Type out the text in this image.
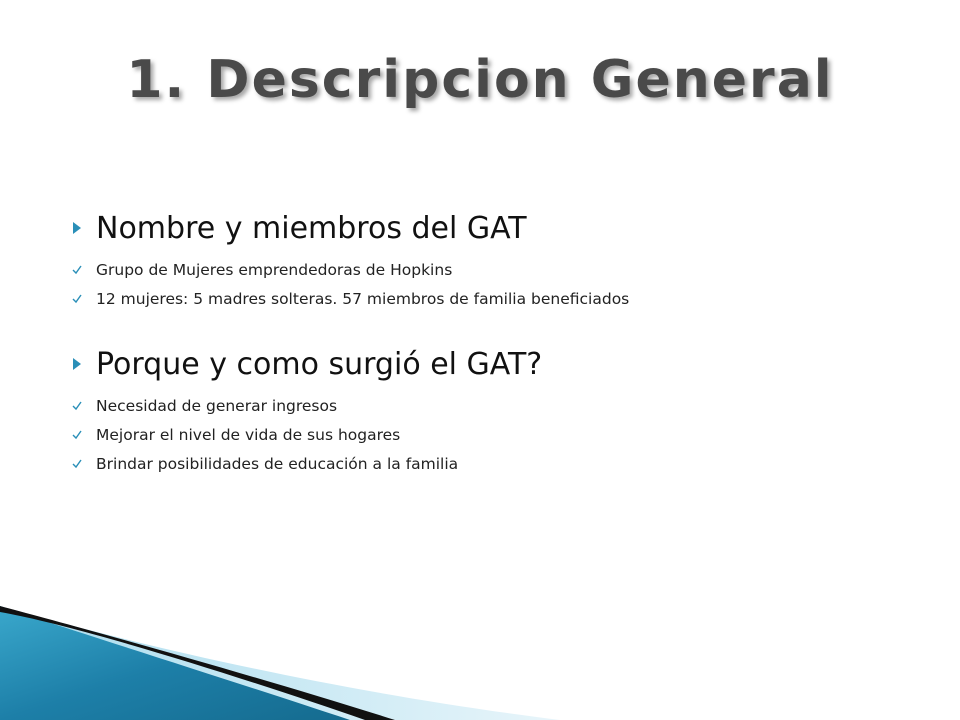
1. Descripcion General
Nombre y miembros del GAT
Grupo de Mujeres emprendedoras de Hopkins
12 mujeres: 5 madres solteras. 57 miembros de familia beneficiados
Porque y como surgió el GAT?
Necesidad de generar ingresos
Mejorar el nivel de vida de sus hogares
Brindar posibilidades de educación a la familia
